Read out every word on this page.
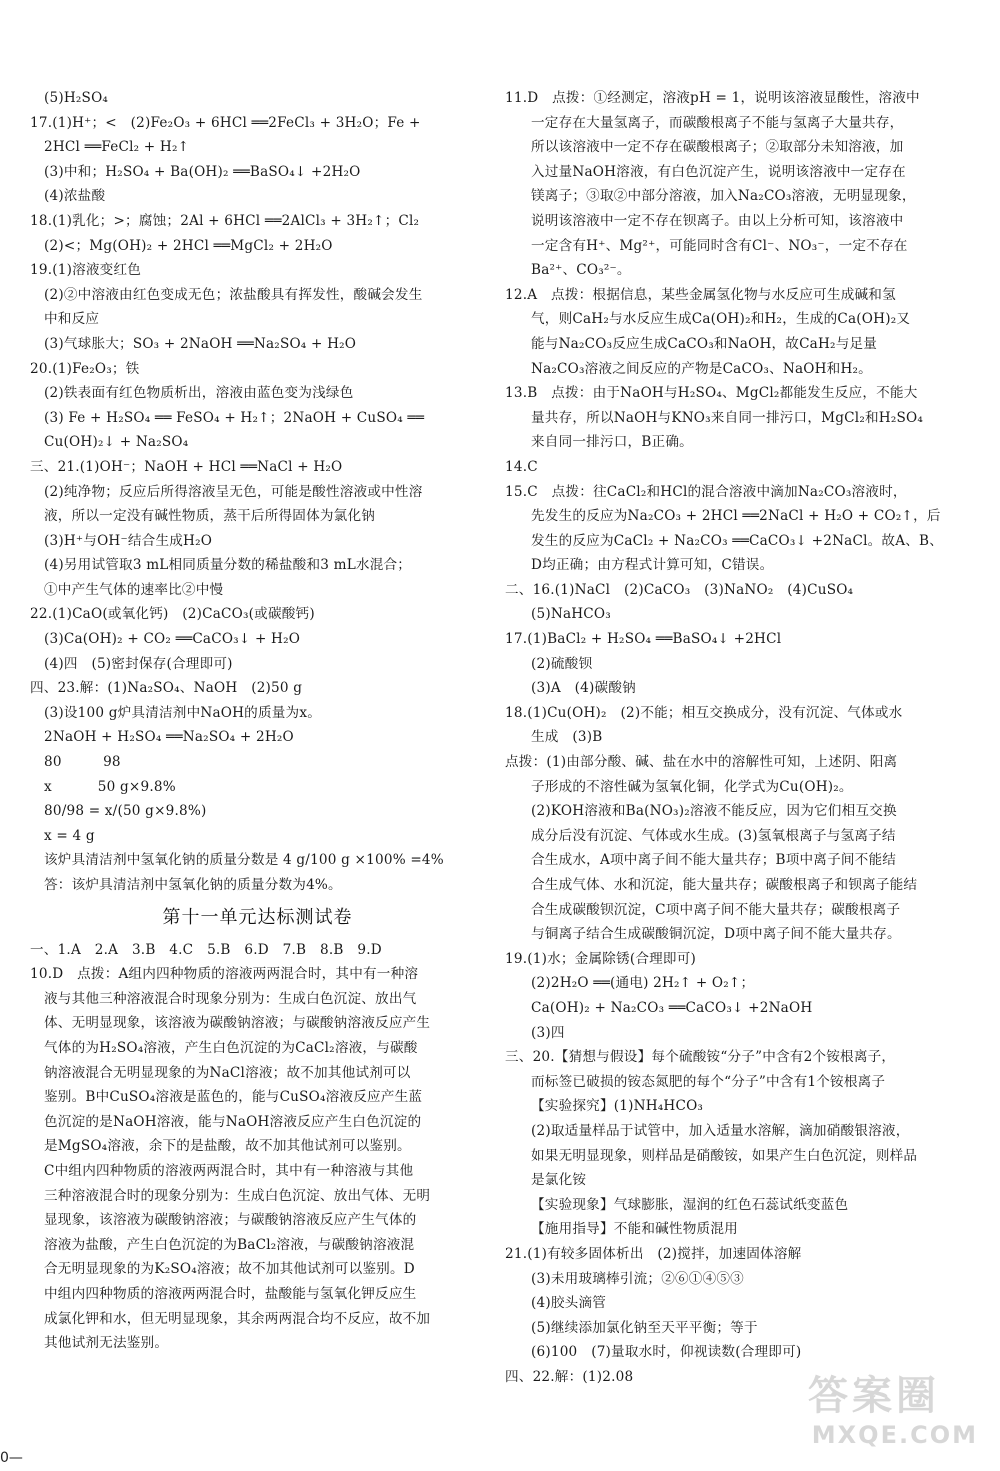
(5)H₂SO₄
17.(1)H⁺；<　(2)Fe₂O₃ + 6HCl ══2FeCl₃ + 3H₂O；Fe +
2HCl ══FeCl₂ + H₂↑
(3)中和；H₂SO₄ + Ba(OH)₂ ══BaSO₄↓ +2H₂O
(4)浓盐酸
18.(1)乳化；>；腐蚀；2Al + 6HCl ══2AlCl₃ + 3H₂↑；Cl₂
(2)<；Mg(OH)₂ + 2HCl ══MgCl₂ + 2H₂O
19.(1)溶液变红色
(2)②中溶液由红色变成无色；浓盐酸具有挥发性，酸碱会发生
中和反应
(3)气球胀大；SO₃ + 2NaOH ══Na₂SO₄ + H₂O
20.(1)Fe₂O₃；铁
(2)铁表面有红色物质析出，溶液由蓝色变为浅绿色
(3) Fe + H₂SO₄ ══ FeSO₄ + H₂↑；2NaOH + CuSO₄ ══
Cu(OH)₂↓ + Na₂SO₄
三、21.(1)OH⁻；NaOH + HCl ══NaCl + H₂O
(2)纯净物；反应后所得溶液呈无色，可能是酸性溶液或中性溶
液，所以一定没有碱性物质，蒸干后所得固体为氯化钠
(3)H⁺与OH⁻结合生成H₂O
(4)另用试管取3 mL相同质量分数的稀盐酸和3 mL水混合；
①中产生气体的速率比②中慢
22.(1)CaO(或氧化钙)　(2)CaCO₃(或碳酸钙)
(3)Ca(OH)₂ + CO₂ ══CaCO₃↓ + H₂O
(4)四　(5)密封保存(合理即可)
四、23.解：(1)Na₂SO₄、NaOH　(2)50 g
(3)设100 g炉具清洁剂中NaOH的质量为x。
2NaOH + H₂SO₄ ══Na₂SO₄ + 2H₂O
80　　　98
x　　　 50 g×9.8%
80/98 = x/(50 g×9.8%)
x = 4 g
该炉具清洁剂中氢氧化钠的质量分数是 4 g/100 g ×100% =4%
答：该炉具清洁剂中氢氧化钠的质量分数为4%。
第十一单元达标测试卷
一、1.A　2.A　3.B　4.C　5.B　6.D　7.B　8.B　9.D
10.D　点拨：A组内四种物质的溶液两两混合时，其中有一种溶
液与其他三种溶液混合时现象分别为：生成白色沉淀、放出气
体、无明显现象，该溶液为碳酸钠溶液；与碳酸钠溶液反应产生
气体的为H₂SO₄溶液，产生白色沉淀的为CaCl₂溶液，与碳酸
钠溶液混合无明显现象的为NaCl溶液；故不加其他试剂可以
鉴别。B中CuSO₄溶液是蓝色的，能与CuSO₄溶液反应产生蓝
色沉淀的是NaOH溶液，能与NaOH溶液反应产生白色沉淀的
是MgSO₄溶液，余下的是盐酸，故不加其他试剂可以鉴别。
C中组内四种物质的溶液两两混合时，其中有一种溶液与其他
三种溶液混合时的现象分别为：生成白色沉淀、放出气体、无明
显现象，该溶液为碳酸钠溶液；与碳酸钠溶液反应产生气体的
溶液为盐酸，产生白色沉淀的为BaCl₂溶液，与碳酸钠溶液混
合无明显现象的为K₂SO₄溶液；故不加其他试剂可以鉴别。D
中组内四种物质的溶液两两混合时，盐酸能与氢氧化钾反应生
成氯化钾和水，但无明显现象，其余两两混合均不反应，故不加
其他试剂无法鉴别。
11.D　点拨：①经测定，溶液pH = 1，说明该溶液显酸性，溶液中
一定存在大量氢离子，而碳酸根离子不能与氢离子大量共存，
所以该溶液中一定不存在碳酸根离子；②取部分未知溶液，加
入过量NaOH溶液，有白色沉淀产生，说明该溶液中一定存在
镁离子；③取②中部分溶液，加入Na₂CO₃溶液，无明显现象，
说明该溶液中一定不存在钡离子。由以上分析可知，该溶液中
一定含有H⁺、Mg²⁺，可能同时含有Cl⁻、NO₃⁻，一定不存在
Ba²⁺、CO₃²⁻。
12.A　点拨：根据信息，某些金属氢化物与水反应可生成碱和氢
气，则CaH₂与水反应生成Ca(OH)₂和H₂，生成的Ca(OH)₂又
能与Na₂CO₃反应生成CaCO₃和NaOH，故CaH₂与足量
Na₂CO₃溶液之间反应的产物是CaCO₃、NaOH和H₂。
13.B　点拨：由于NaOH与H₂SO₄、MgCl₂都能发生反应，不能大
量共存，所以NaOH与KNO₃来自同一排污口，MgCl₂和H₂SO₄
来自同一排污口，B正确。
14.C
15.C　点拨：往CaCl₂和HCl的混合溶液中滴加Na₂CO₃溶液时，
先发生的反应为Na₂CO₃ + 2HCl ══2NaCl + H₂O + CO₂↑，后
发生的反应为CaCl₂ + Na₂CO₃ ══CaCO₃↓ +2NaCl。故A、B、
D均正确；由方程式计算可知，C错误。
二、16.(1)NaCl　(2)CaCO₃　(3)NaNO₂　(4)CuSO₄
(5)NaHCO₃
17.(1)BaCl₂ + H₂SO₄ ══BaSO₄↓ +2HCl
(2)硫酸钡
(3)A　(4)碳酸钠
18.(1)Cu(OH)₂　(2)不能；相互交换成分，没有沉淀、气体或水
生成　(3)B
点拨：(1)由部分酸、碱、盐在水中的溶解性可知，上述阴、阳离
子形成的不溶性碱为氢氧化铜，化学式为Cu(OH)₂。
(2)KOH溶液和Ba(NO₃)₂溶液不能反应，因为它们相互交换
成分后没有沉淀、气体或水生成。(3)氢氧根离子与氢离子结
合生成水，A项中离子间不能大量共存；B项中离子间不能结
合生成气体、水和沉淀，能大量共存；碳酸根离子和钡离子能结
合生成碳酸钡沉淀，C项中离子间不能大量共存；碳酸根离子
与铜离子结合生成碳酸铜沉淀，D项中离子间不能大量共存。
19.(1)水；金属除锈(合理即可)
(2)2H₂O ══(通电) 2H₂↑ + O₂↑；
Ca(OH)₂ + Na₂CO₃ ══CaCO₃↓ +2NaOH
(3)四
三、20.【猜想与假设】每个硫酸铵“分子”中含有2个铵根离子，
而标签已破损的铵态氮肥的每个“分子”中含有1个铵根离子
【实验探究】(1)NH₄HCO₃
(2)取适量样品于试管中，加入适量水溶解，滴加硝酸银溶液，
如果无明显现象，则样品是硝酸铵，如果产生白色沉淀，则样品
是氯化铵
【实验现象】气球膨胀，湿润的红色石蕊试纸变蓝色
【施用指导】不能和碱性物质混用
21.(1)有较多固体析出　(2)搅拌，加速固体溶解
(3)未用玻璃棒引流；②⑥①④⑤③
(4)胶头滴管
(5)继续添加氯化钠至天平平衡；等于
(6)100　(7)量取水时，仰视读数(合理即可)
四、22.解：(1)2.08
0—
答案圈
MXQE.COM
